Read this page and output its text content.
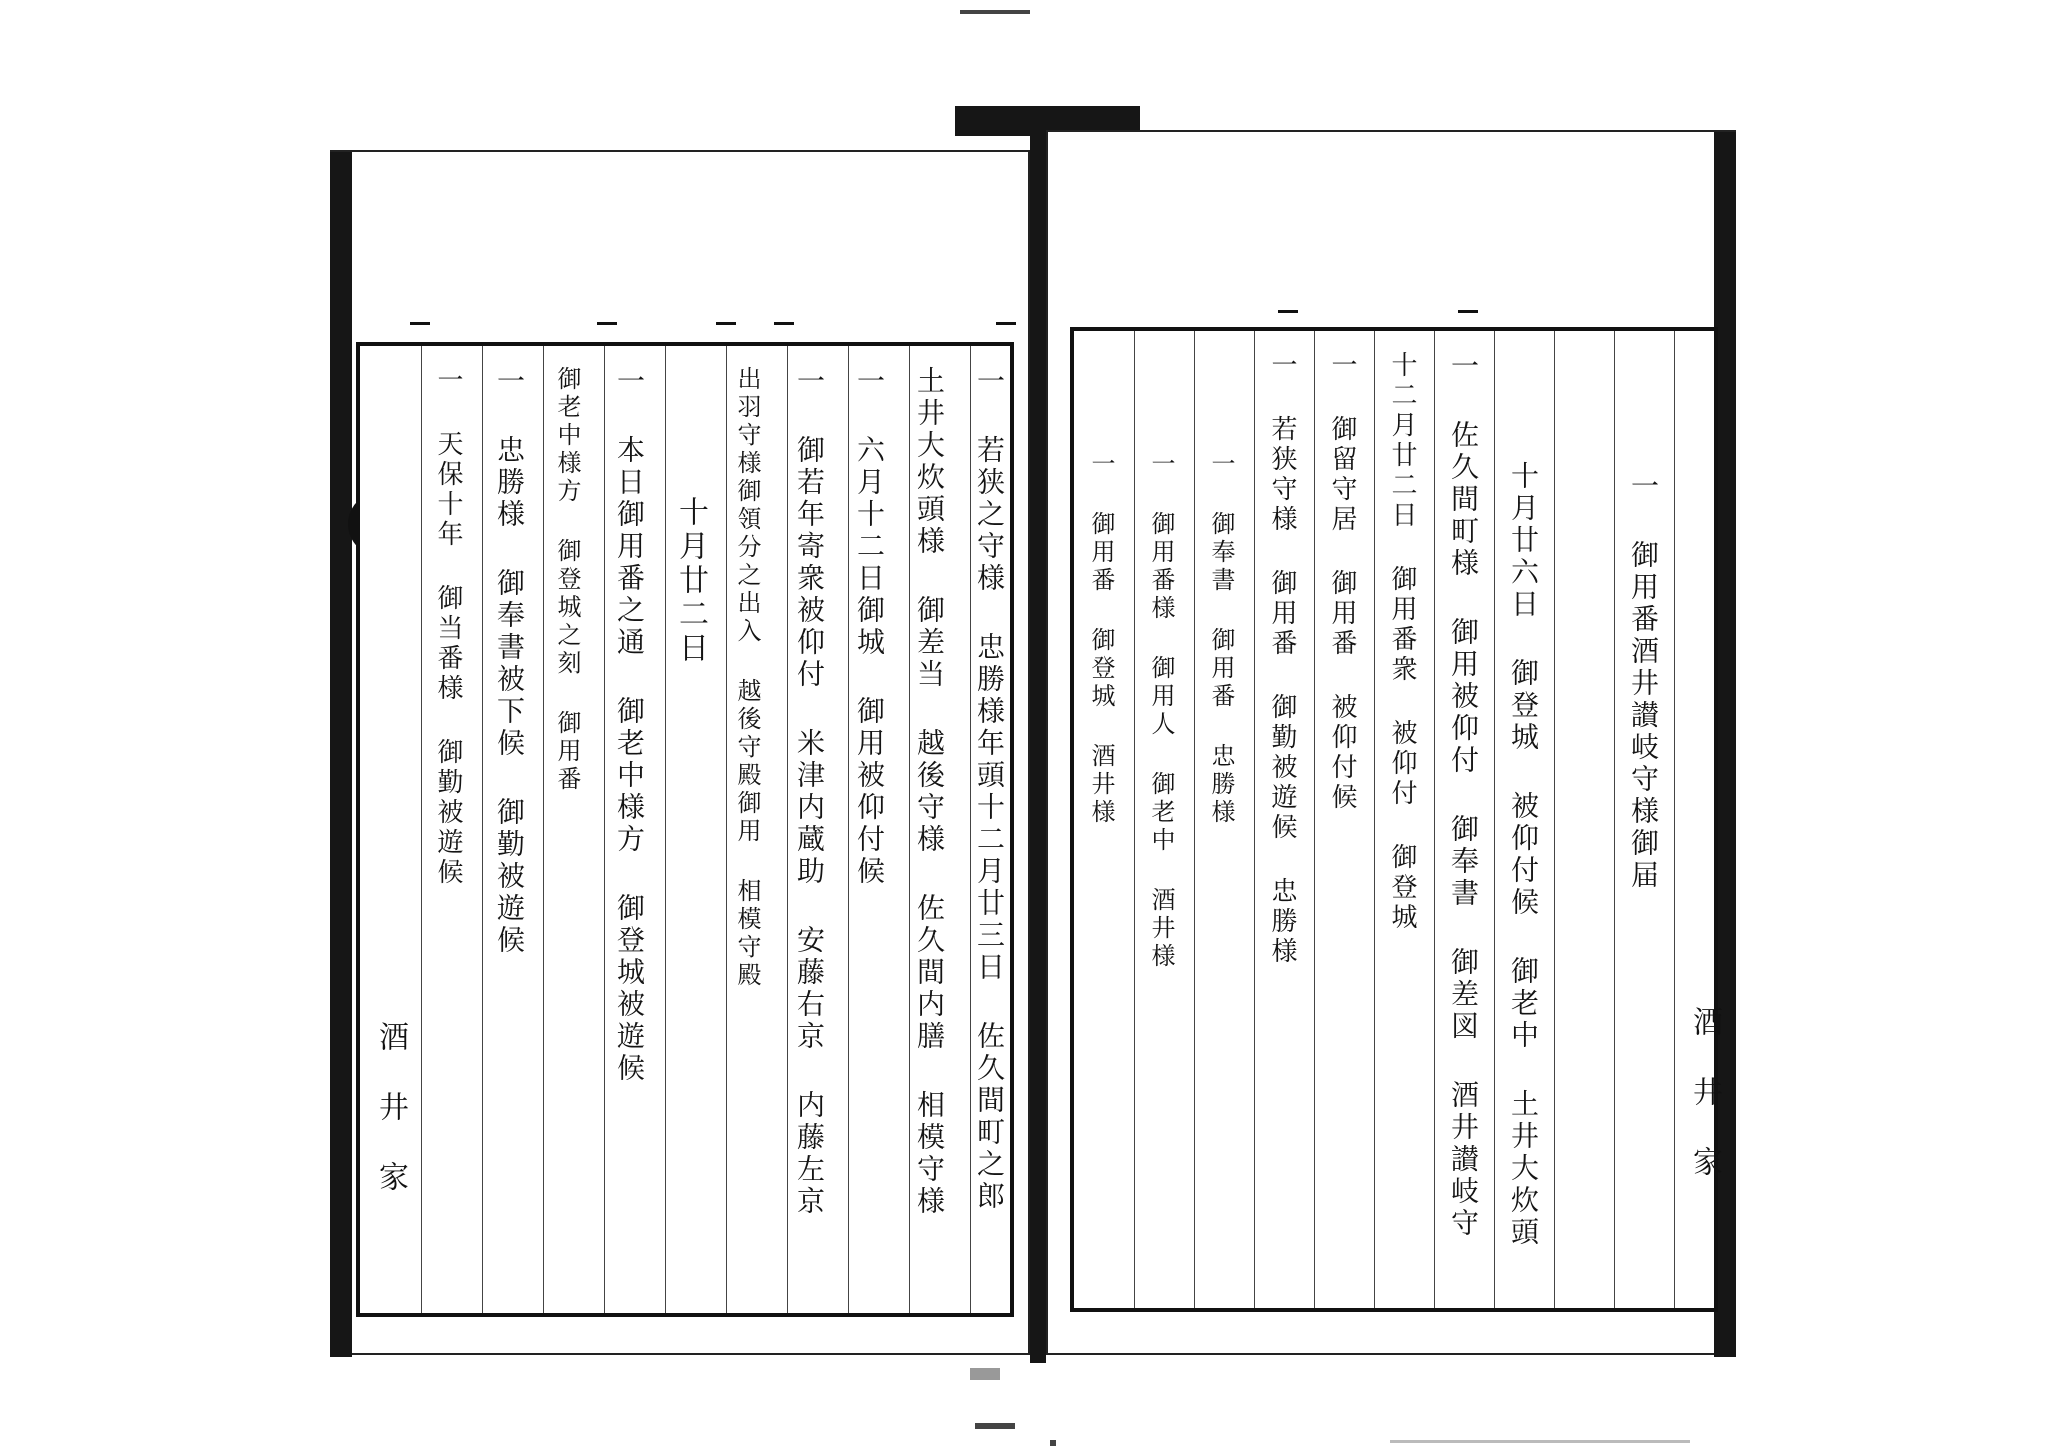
酒井家	一 若狭之守様 忠勝様年頭十二月廿三日 佐久間町之郎
土井大炊頭様 御差当 越後守様 佐久間内膳 相模守様
一 六月十二日御城 御用被仰付候
一 御若年寄衆被仰付 米津内蔵助 安藤右京 内藤左京
出羽守様御領分之出入 越後守殿御用 相模守殿
十月廿二日
一 本日御用番之通 御老中様方 御登城被遊候
御老中様方 御登城之刻 御用番
一 忠勝様 御奉書被下候 御勤被遊候
一 天保十年 御当番様 御勤被遊候
酒井家
一 御用番酒井讃岐守様御届
十月廿六日 御登城 被仰付候 御老中 土井大炊頭
一 佐久間町様 御用被仰付 御奉書 御差図 酒井讃岐守
十二月廿二日 御用番衆 被仰付 御登城
一 御留守居 御用番 被仰付候
一 若狭守様 御用番 御勤被遊候 忠勝様
一 御奉書 御用番 忠勝様
一 御用番様 御用人 御老中 酒井様
一 御用番 御登城 酒井様
